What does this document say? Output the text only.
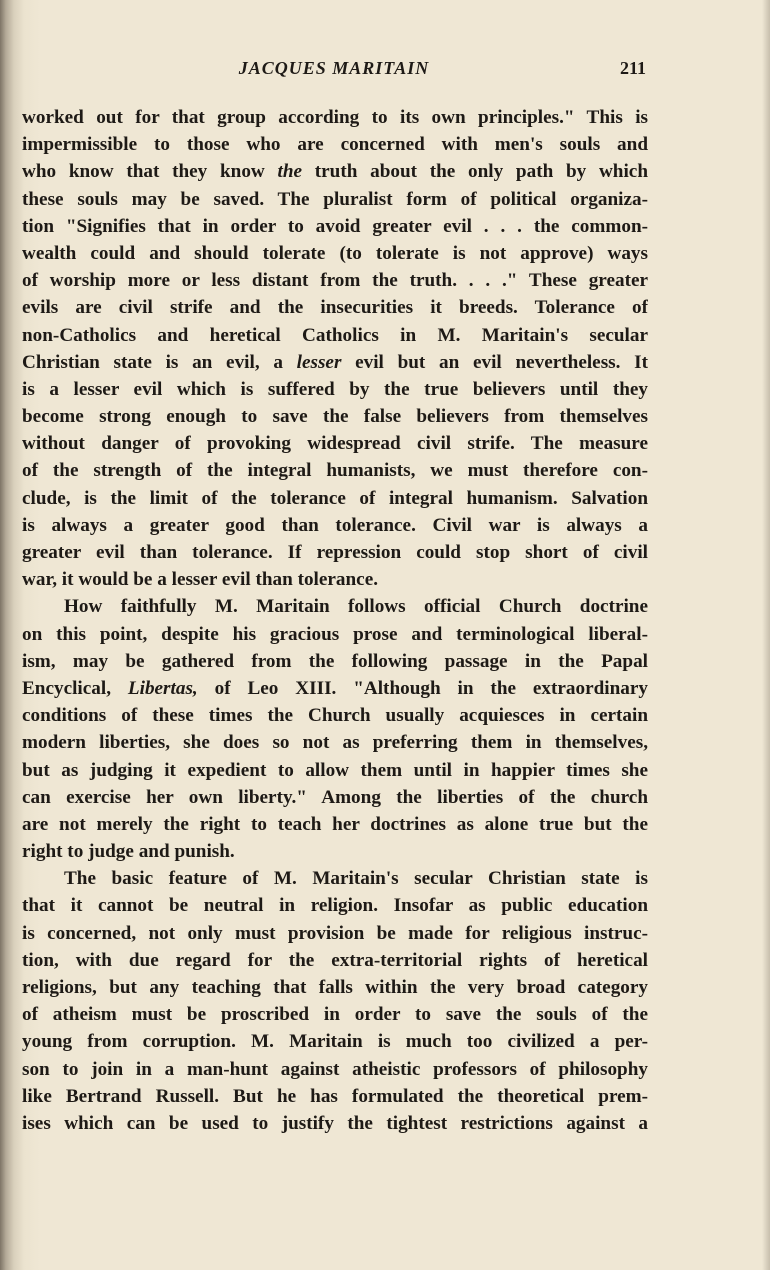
JACQUES MARITAIN	211
worked out for that group according to its own principles." This is
impermissible to those who are concerned with men's souls and
who know that they know the truth about the only path by which
these souls may be saved. The pluralist form of political organiza-
tion "Signifies that in order to avoid greater evil . . . the common-
wealth could and should tolerate (to tolerate is not approve) ways
of worship more or less distant from the truth. . . ." These greater
evils are civil strife and the insecurities it breeds. Tolerance of
non-Catholics and heretical Catholics in M. Maritain's secular
Christian state is an evil, a lesser evil but an evil nevertheless. It
is a lesser evil which is suffered by the true believers until they
become strong enough to save the false believers from themselves
without danger of provoking widespread civil strife. The measure
of the strength of the integral humanists, we must therefore con-
clude, is the limit of the tolerance of integral humanism. Salvation
is always a greater good than tolerance. Civil war is always a
greater evil than tolerance. If repression could stop short of civil
war, it would be a lesser evil than tolerance.
How faithfully M. Maritain follows official Church doctrine
on this point, despite his gracious prose and terminological liberal-
ism, may be gathered from the following passage in the Papal
Encyclical, Libertas, of Leo XIII. "Although in the extraordinary
conditions of these times the Church usually acquiesces in certain
modern liberties, she does so not as preferring them in themselves,
but as judging it expedient to allow them until in happier times she
can exercise her own liberty." Among the liberties of the church
are not merely the right to teach her doctrines as alone true but the
right to judge and punish.
The basic feature of M. Maritain's secular Christian state is
that it cannot be neutral in religion. Insofar as public education
is concerned, not only must provision be made for religious instruc-
tion, with due regard for the extra-territorial rights of heretical
religions, but any teaching that falls within the very broad category
of atheism must be proscribed in order to save the souls of the
young from corruption. M. Maritain is much too civilized a per-
son to join in a man-hunt against atheistic professors of philosophy
like Bertrand Russell. But he has formulated the theoretical prem-
ises which can be used to justify the tightest restrictions against a
